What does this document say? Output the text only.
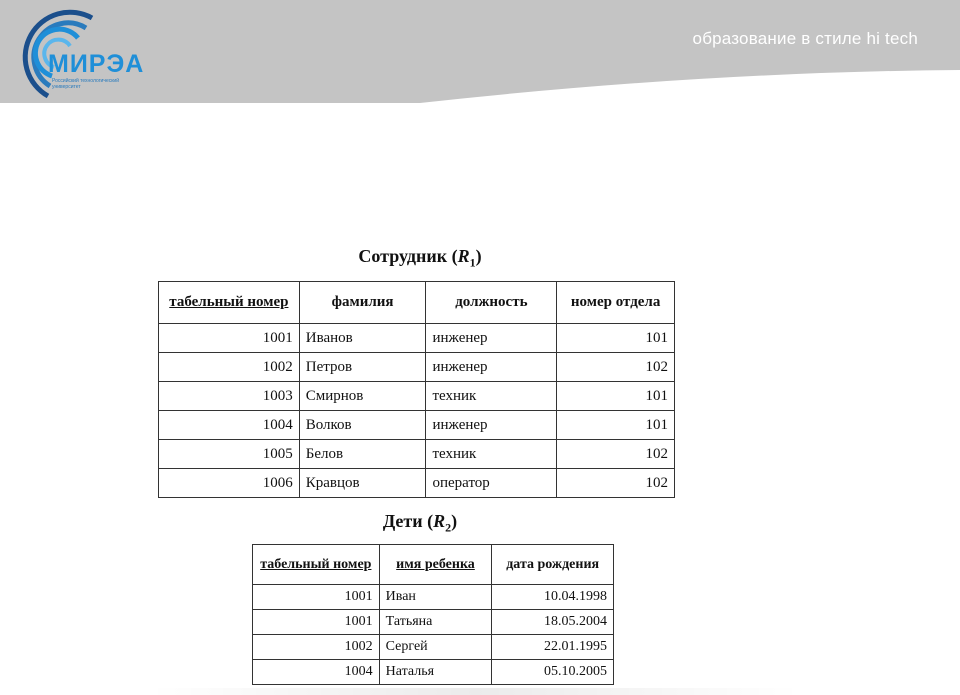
МИРЭА
Российский технологический университет
образование в стиле hi tech
Сотрудник $(R_1)$
табельный номер	фамилия	должность	номер отдела
1001	Иванов	инженер	101
1002	Петров	инженер	102
1003	Смирнов	техник	101
1004	Волков	инженер	101
1005	Белов	техник	102
1006	Кравцов	оператор	102
Дети $(R_2)$
табельный номер	имя ребенка	дата рождения
1001	Иван	10.04.1998
1001	Татьяна	18.05.2004
1002	Сергей	22.01.1995
1004	Наталья	05.10.2005
